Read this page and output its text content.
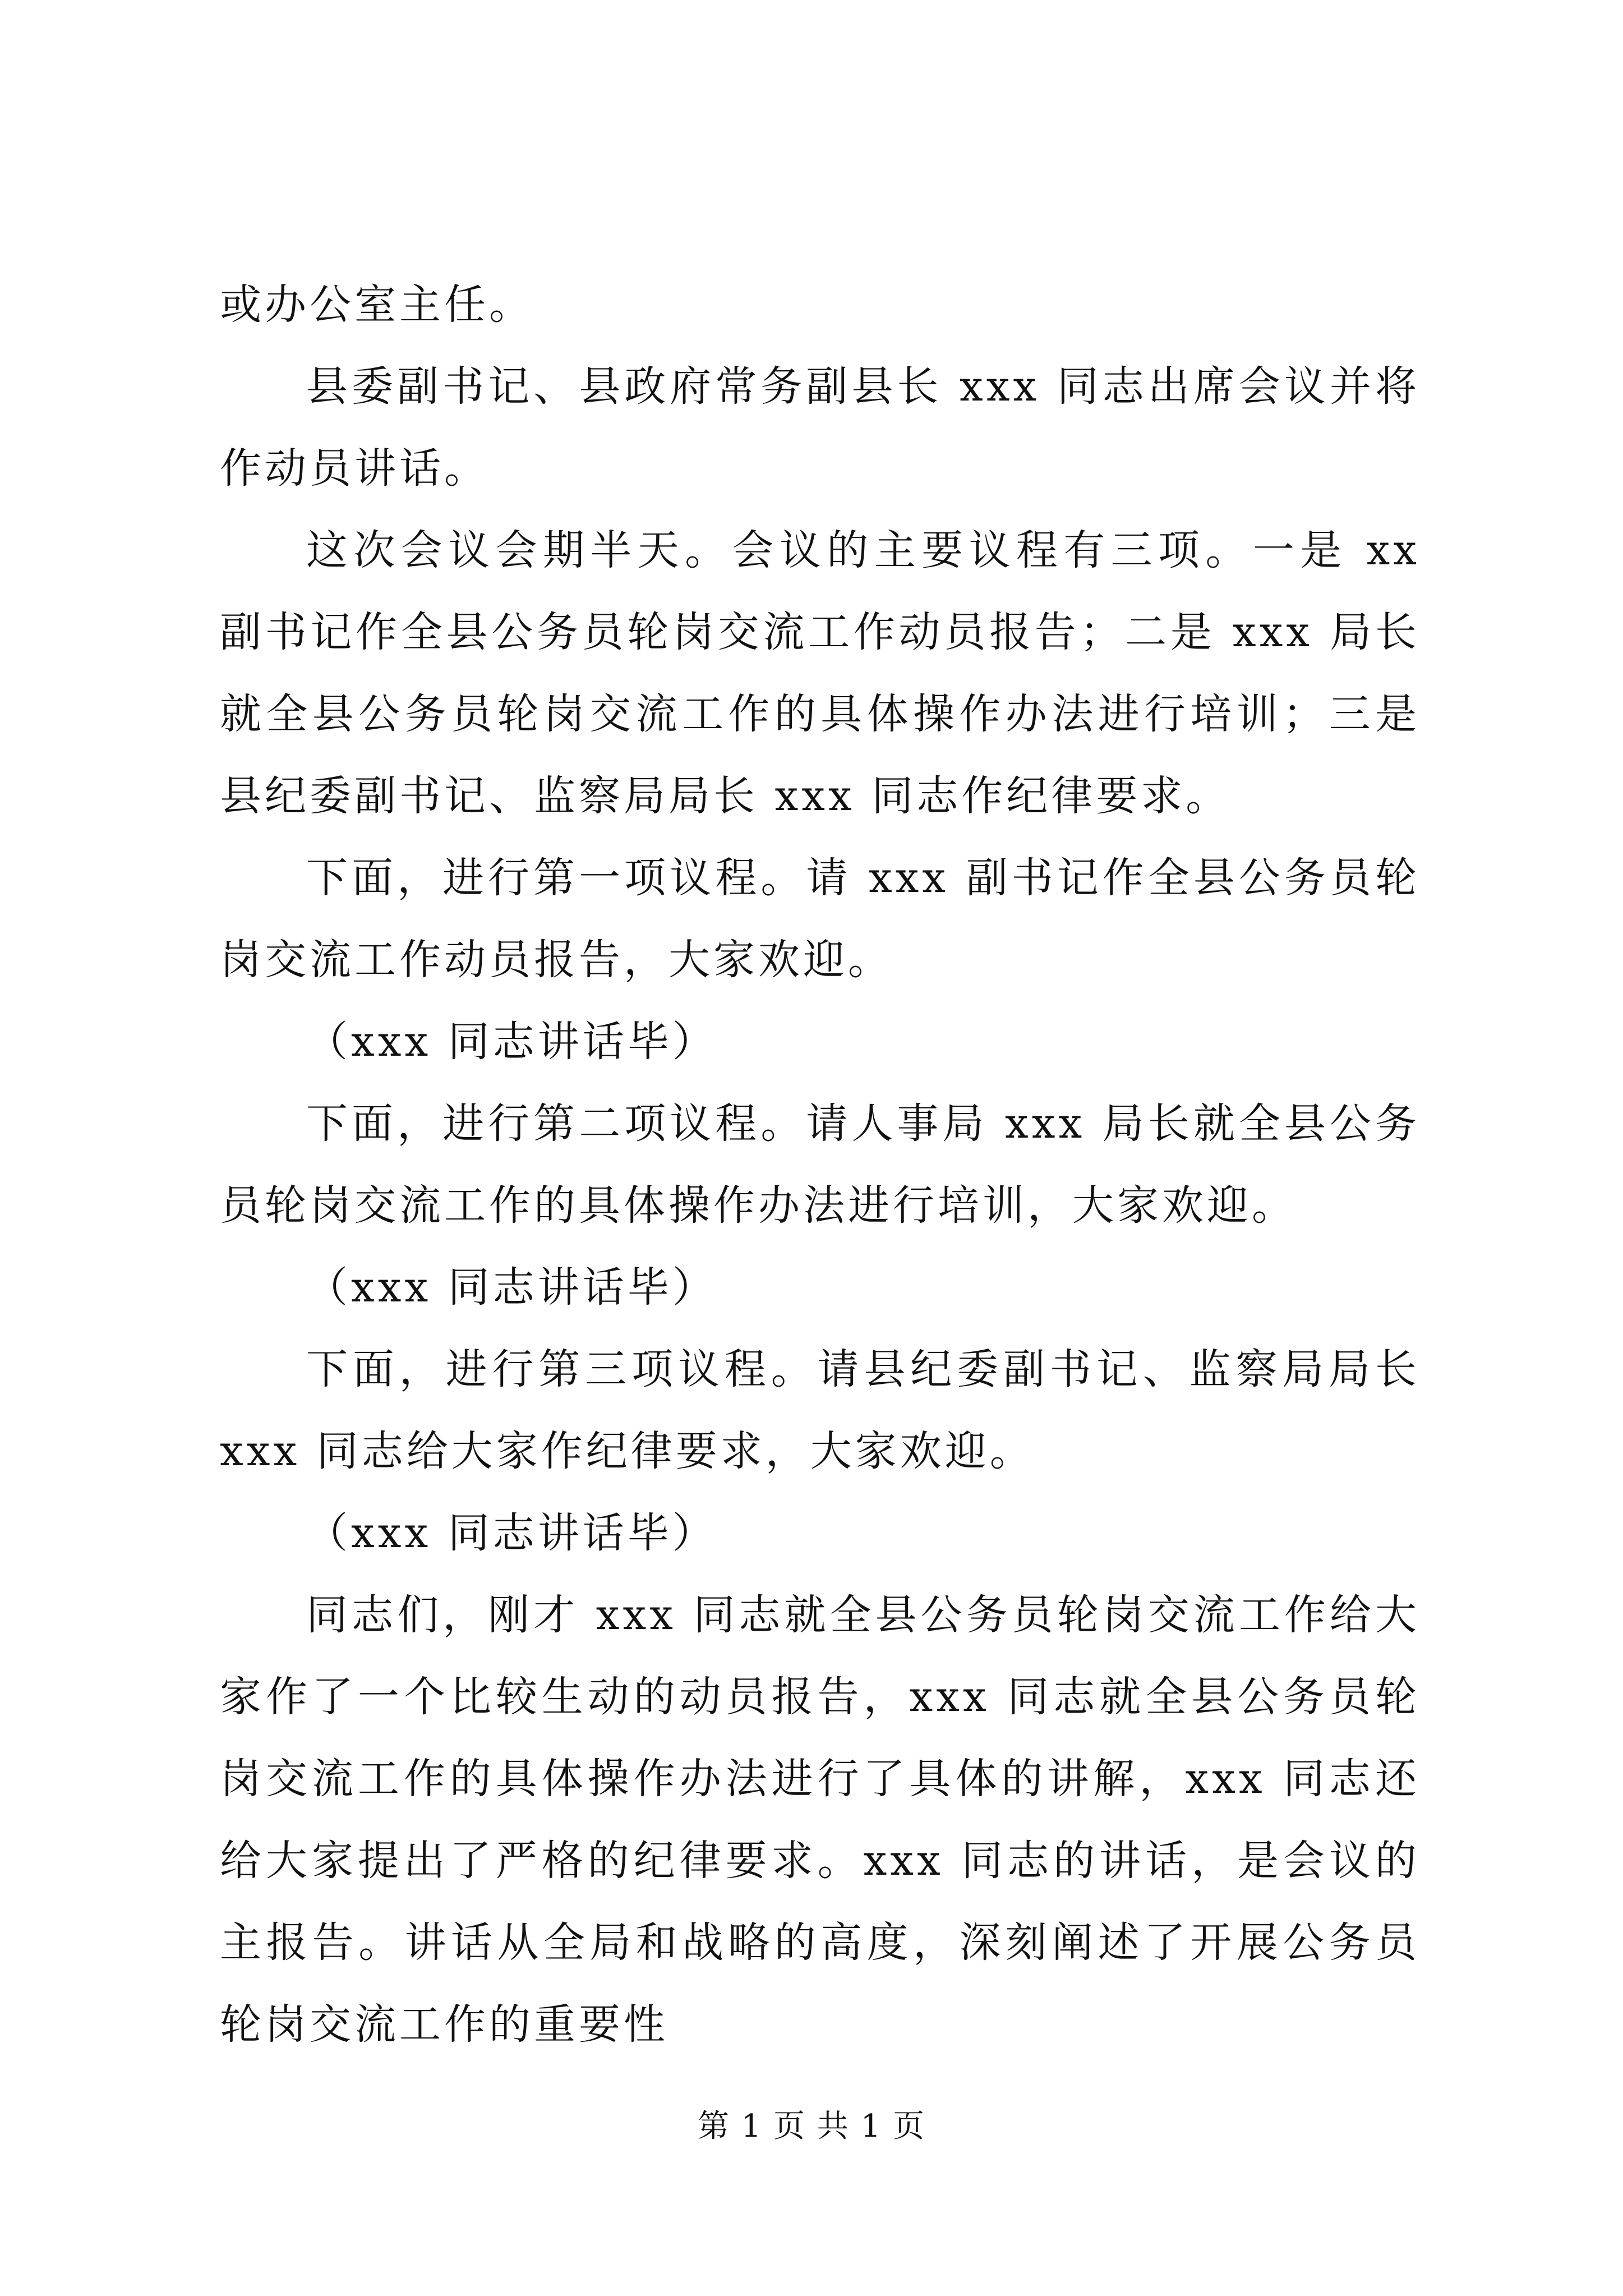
或办公室主任。

县委副书记、县政府常务副县长 xxx 同志出席会议并将作动员讲话。

这次会议会期半天。会议的主要议程有三项。一是 xx 副书记作全县公务员轮岗交流工作动员报告；二是 xxx 局长就全县公务员轮岗交流工作的具体操作办法进行培训；三是县纪委副书记、监察局局长 xxx 同志作纪律要求。

下面，进行第一项议程。请 xxx 副书记作全县公务员轮岗交流工作动员报告，大家欢迎。

（xxx 同志讲话毕）

下面，进行第二项议程。请人事局 xxx 局长就全县公务员轮岗交流工作的具体操作办法进行培训，大家欢迎。

（xxx 同志讲话毕）

下面，进行第三项议程。请县纪委副书记、监察局局长 xxx 同志给大家作纪律要求，大家欢迎。

（xxx 同志讲话毕）

同志们，刚才 xxx 同志就全县公务员轮岗交流工作给大家作了一个比较生动的动员报告，xxx 同志就全县公务员轮岗交流工作的具体操作办法进行了具体的讲解，xxx 同志还给大家提出了严格的纪律要求。xxx 同志的讲话，是会议的主报告。讲话从全局和战略的高度，深刻阐述了开展公务员轮岗交流工作的重要性

第 1 页 共 1 页
